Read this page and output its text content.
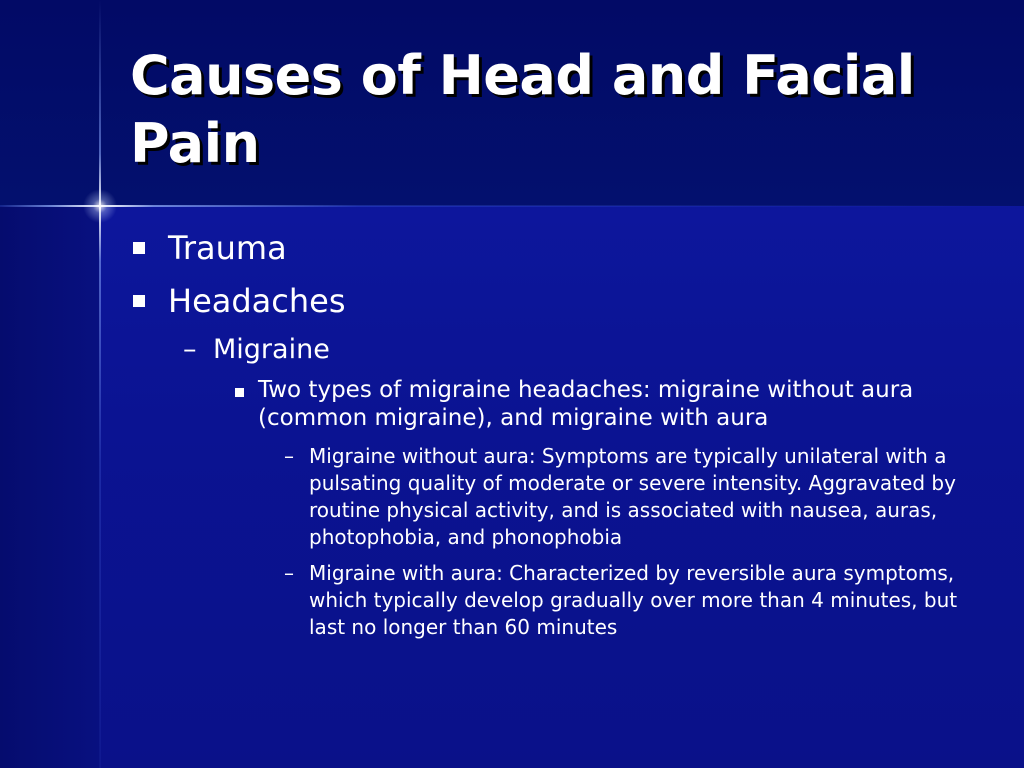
Causes of Head and Facial Pain
Trauma
Headaches
– Migraine
Two types of migraine headaches: migraine without aura (common migraine), and migraine with aura
– Migraine without aura: Symptoms are typically unilateral with a pulsating quality of moderate or severe intensity. Aggravated by routine physical activity, and is associated with nausea, auras, photophobia, and phonophobia
– Migraine with aura: Characterized by reversible aura symptoms, which typically develop gradually over more than 4 minutes, but last no longer than 60 minutes
